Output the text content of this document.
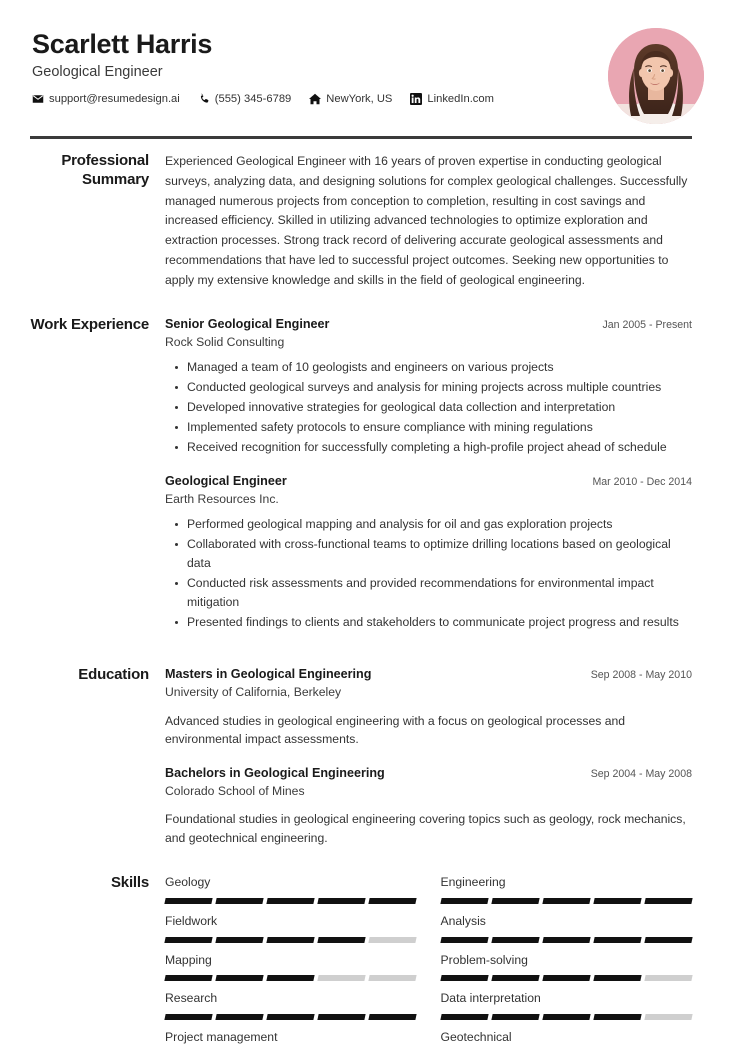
Scarlett Harris
Geological Engineer
support@resumedesign.ai	(555) 345-6789	NewYork, US	LinkedIn.com
Professional Summary
Experienced Geological Engineer with 16 years of proven expertise in conducting geological surveys, analyzing data, and designing solutions for complex geological challenges. Successfully managed numerous projects from conception to completion, resulting in cost savings and increased efficiency. Skilled in utilizing advanced technologies to optimize exploration and extraction processes. Strong track record of delivering accurate geological assessments and recommendations that have led to successful project outcomes. Seeking new opportunities to apply my extensive knowledge and skills in the field of geological engineering.
Work Experience	Senior Geological Engineer	Jan 2005 - Present
Rock Solid Consulting
Managed a team of 10 geologists and engineers on various projects
Conducted geological surveys and analysis for mining projects across multiple countries
Developed innovative strategies for geological data collection and interpretation
Implemented safety protocols to ensure compliance with mining regulations
Received recognition for successfully completing a high-profile project ahead of schedule
Geological Engineer	Mar 2010 - Dec 2014
Earth Resources Inc.
Performed geological mapping and analysis for oil and gas exploration projects
Collaborated with cross-functional teams to optimize drilling locations based on geological data
Conducted risk assessments and provided recommendations for environmental impact mitigation
Presented findings to clients and stakeholders to communicate project progress and results
Education	Masters in Geological Engineering	Sep 2008 - May 2010
University of California, Berkeley
Advanced studies in geological engineering with a focus on geological processes and environmental impact assessments.
Bachelors in Geological Engineering	Sep 2004 - May 2008
Colorado School of Mines
Foundational studies in geological engineering covering topics such as geology, rock mechanics, and geotechnical engineering.
Skills	Geology	Engineering
Fieldwork	Analysis
Mapping	Problem-solving
Research	Data interpretation
Project management	Geotechnical
